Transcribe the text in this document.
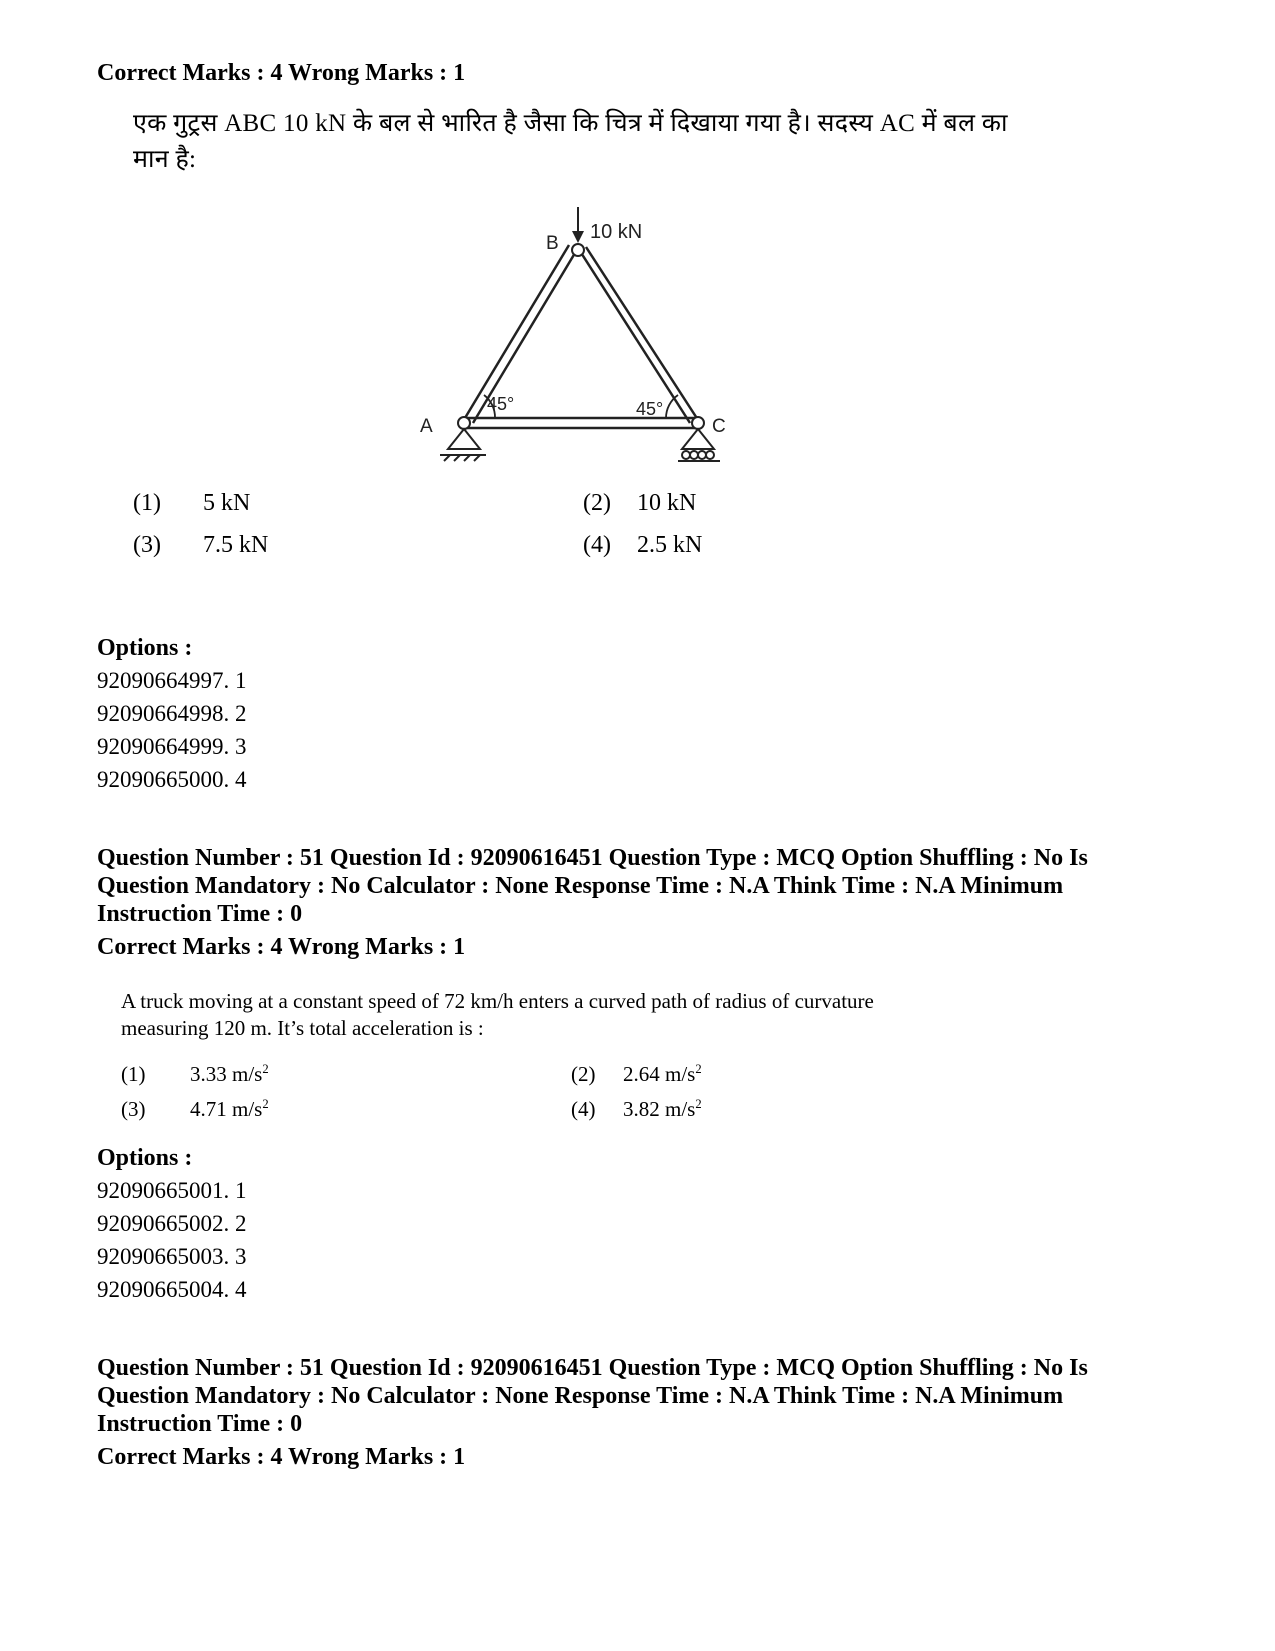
Correct Marks : 4 Wrong Marks : 1
एक गुट्रस ABC 10 kN के बल से भारित है जैसा कि चित्र में दिखाया गया है। सदस्य AC में बल का
मान है:
10 kN
B
A	C
45°	45°
(1) 5 kN	(2) 10 kN
(3) 7.5 kN	(4) 2.5 kN
Options :
92090664997. 1
92090664998. 2
92090664999. 3
92090665000. 4
Question Number : 51 Question Id : 92090616451 Question Type : MCQ Option Shuffling : No Is
Question Mandatory : No Calculator : None Response Time : N.A Think Time : N.A Minimum
Instruction Time : 0
Correct Marks : 4 Wrong Marks : 1
A truck moving at a constant speed of 72 km/h enters a curved path of radius of curvature
measuring 120 m. It’s total acceleration is :
(1) 3.33 $m/s^2$	(2) 2.64 $m/s^2$
(3) 4.71 $m/s^2$	(4) 3.82 $m/s^2$
Options :
92090665001. 1
92090665002. 2
92090665003. 3
92090665004. 4
Question Number : 51 Question Id : 92090616451 Question Type : MCQ Option Shuffling : No Is
Question Mandatory : No Calculator : None Response Time : N.A Think Time : N.A Minimum
Instruction Time : 0
Correct Marks : 4 Wrong Marks : 1
